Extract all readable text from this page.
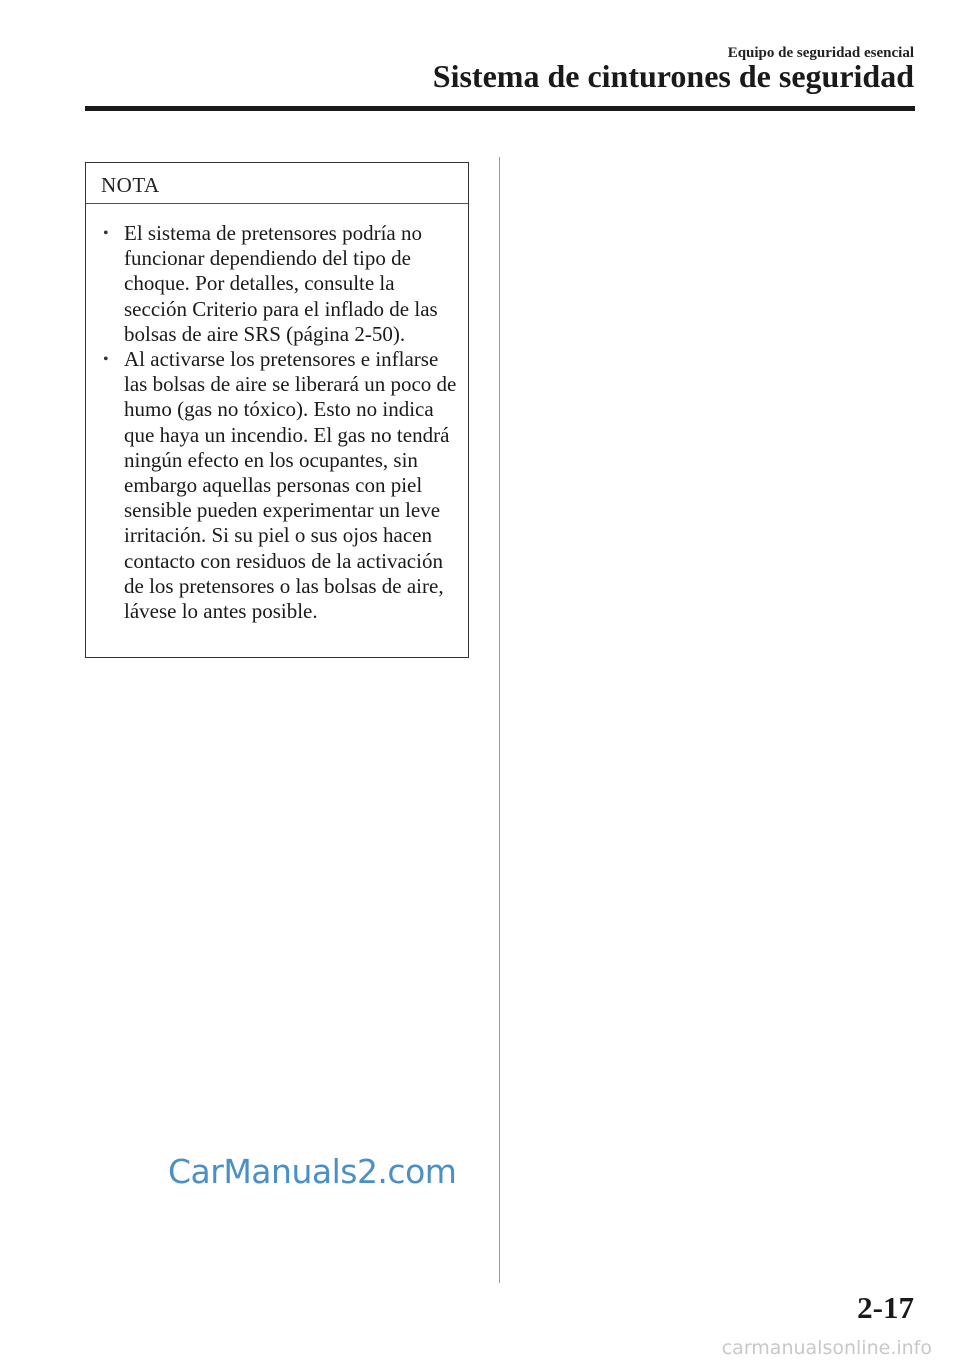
Equipo de seguridad esencial
Sistema de cinturones de seguridad
NOTA
• El sistema de pretensores podría no funcionar dependiendo del tipo de choque. Por detalles, consulte la sección Criterio para el inflado de las bolsas de aire SRS (página 2-50).
• Al activarse los pretensores e inflarse las bolsas de aire se liberará un poco de humo (gas no tóxico). Esto no indica que haya un incendio. El gas no tendrá ningún efecto en los ocupantes, sin embargo aquellas personas con piel sensible pueden experimentar un leve irritación. Si su piel o sus ojos hacen contacto con residuos de la activación de los pretensores o las bolsas de aire, lávese lo antes posible.
CarManuals2.com
2-17
carmanualsonline.info
